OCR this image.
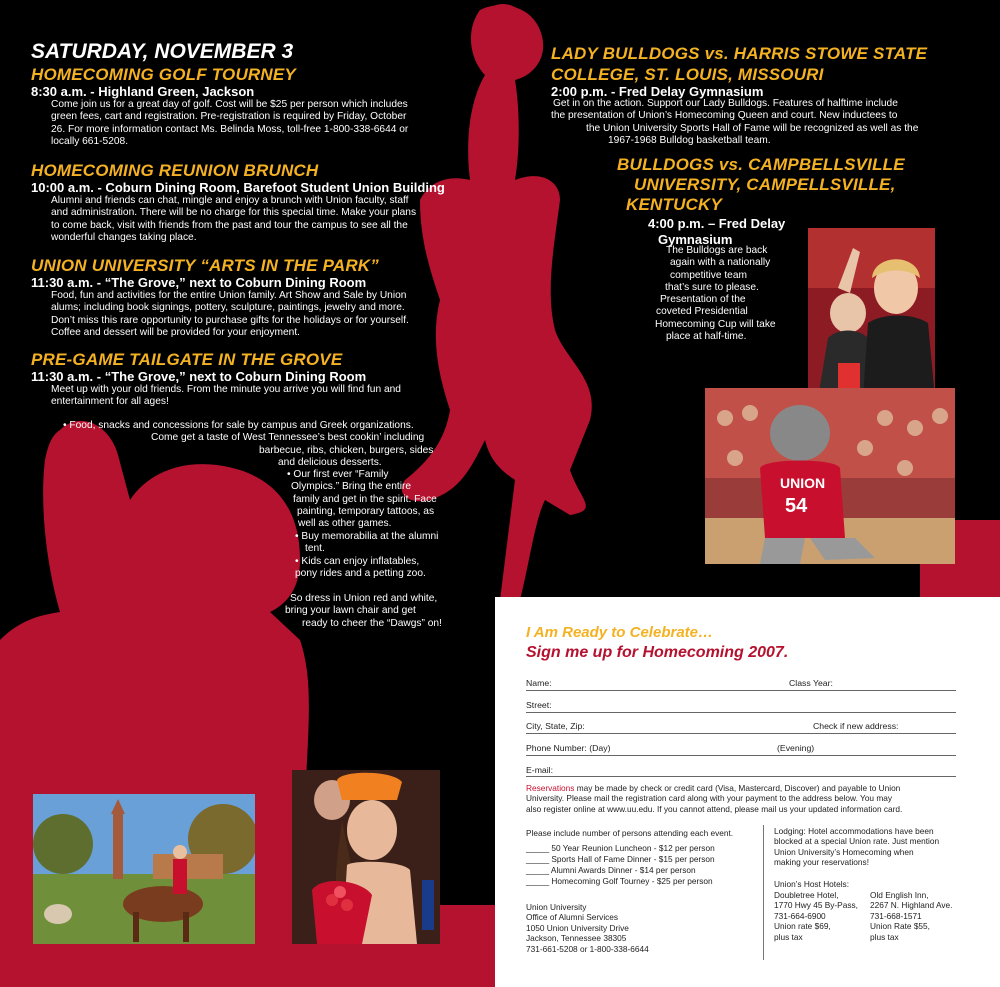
SATURDAY, NOVEMBER 3
HOMECOMING GOLF TOURNEY
8:30 a.m. - Highland Green, Jackson
Come join us for a great day of golf. Cost will be $25 per person which includes
green fees, cart and registration. Pre-registration is required by Friday, October
26. For more information contact Ms. Belinda Moss, toll-free 1-800-338-6644 or
locally 661-5208.
HOMECOMING REUNION BRUNCH
10:00 a.m. - Coburn Dining Room, Barefoot Student Union Building
Alumni and friends can chat, mingle and enjoy a brunch with Union faculty, staff
and administration. There will be no charge for this special time. Make your plans
to come back, visit with friends from the past and tour the campus to see all the
wonderful changes taking place.
UNION UNIVERSITY “ARTS IN THE PARK”
11:30 a.m. - “The Grove,” next to Coburn Dining Room
Food, fun and activities for the entire Union family. Art Show and Sale by Union
alums; including book signings, pottery, sculpture, paintings, jewelry and more.
Don’t miss this rare opportunity to purchase gifts for the holidays or for yourself.
Coffee and dessert will be provided for your enjoyment.
PRE-GAME TAILGATE IN THE GROVE
11:30 a.m. - “The Grove,” next to Coburn Dining Room
Meet up with your old friends. From the minute you arrive you will find fun and
entertainment for all ages!
• Food, snacks and concessions for sale by campus and Greek organizations.
Come get a taste of West Tennessee’s best cookin’ including
barbecue, ribs, chicken, burgers, sides
and delicious desserts.
• Our first ever “Family
Olympics.” Bring the entire
family and get in the spirit. Face
painting, temporary tattoos, as
well as other games.
• Buy memorabilia at the alumni
tent.
• Kids can enjoy inflatables,
pony rides and a petting zoo.
So dress in Union red and white,
bring your lawn chair and get
ready to cheer the “Dawgs” on!
LADY BULLDOGS vs. HARRIS STOWE STATE
COLLEGE, ST. LOUIS, MISSOURI
2:00 p.m. - Fred Delay Gymnasium
Get in on the action. Support our Lady Bulldogs. Features of halftime include
the presentation of Union’s Homecoming Queen and court. New inductees to
the Union University Sports Hall of Fame will be recognized as well as the
1967-1968 Bulldog basketball team.
BULLDOGS vs. CAMPBELLSVILLE
UNIVERSITY, CAMPELLSVILLE,
KENTUCKY
4:00 p.m. – Fred Delay
Gymnasium
The Bulldogs are back
again with a nationally
competitive team
that’s sure to please.
Presentation of the
coveted Presidential
Homecoming Cup will take
place at half-time.
UNION
54
I Am Ready to Celebrate…
Sign me up for Homecoming 2007.
Name:	Class Year:
Street:
City, State, Zip:	Check if new address:
Phone Number: (Day)	(Evening)
E-mail:
Reservations may be made by check or credit card (Visa, Mastercard, Discover) and payable to Union
University. Please mail the registration card along with your payment to the address below. You may
also register online at www.uu.edu. If you cannot attend, please mail us your updated information card.
Please include number of persons attending each event.
_____ 50 Year Reunion Luncheon - $12 per person
_____ Sports Hall of Fame Dinner - $15 per person
_____ Alumni Awards Dinner - $14 per person
_____ Homecoming Golf Tourney - $25 per person
Union University
Office of Alumni Services
1050 Union University Drive
Jackson, Tennessee 38305
731-661-5208 or 1-800-338-6644
Lodging: Hotel accommodations have been
blocked at a special Union rate. Just mention
Union University’s Homecoming when
making your reservations!
Union’s Host Hotels:
Doubletree Hotel,
1770 Hwy 45 By-Pass,
731-664-6900
Union rate $69,
plus tax
Old English Inn,
2267 N. Highland Ave.
731-668-1571
Union Rate $55,
plus tax
